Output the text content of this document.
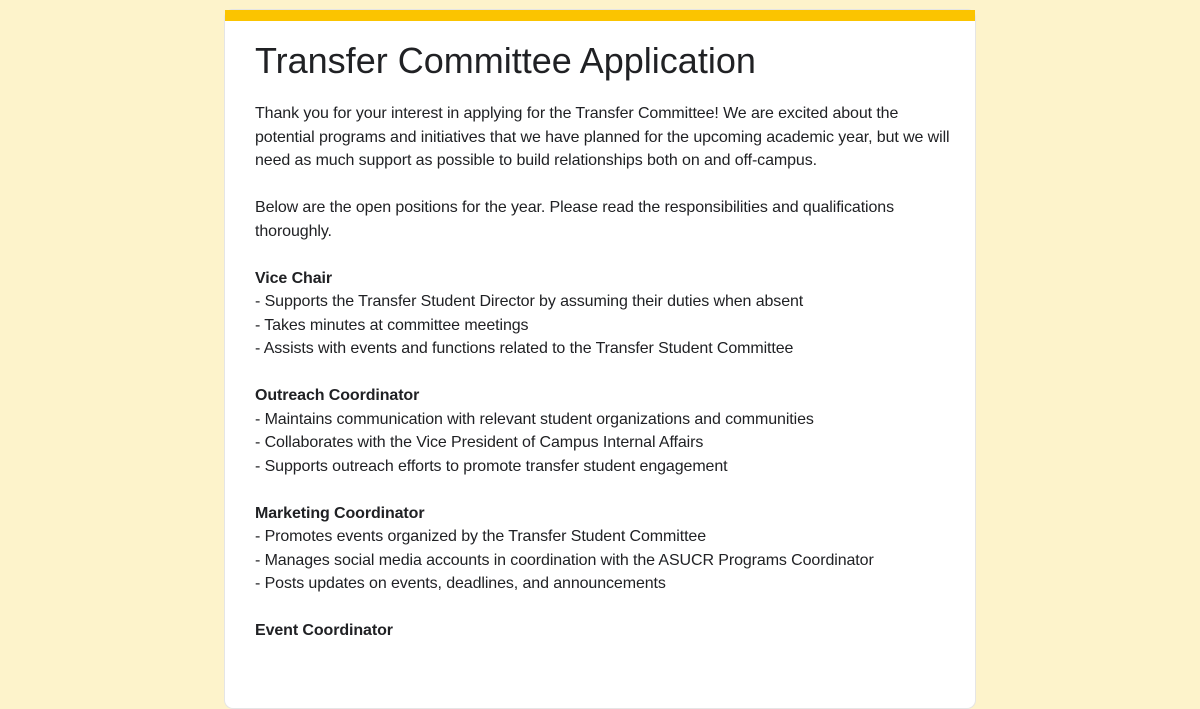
Transfer Committee Application
Thank you for your interest in applying for the Transfer Committee! We are excited about the potential programs and initiatives that we have planned for the upcoming academic year, but we will need as much support as possible to build relationships both on and off-campus.
Below are the open positions for the year. Please read the responsibilities and qualifications thoroughly.
Vice Chair
- Supports the Transfer Student Director by assuming their duties when absent
- Takes minutes at committee meetings
- Assists with events and functions related to the Transfer Student Committee
Outreach Coordinator
- Maintains communication with relevant student organizations and communities
- Collaborates with the Vice President of Campus Internal Affairs
- Supports outreach efforts to promote transfer student engagement
Marketing Coordinator
- Promotes events organized by the Transfer Student Committee
- Manages social media accounts in coordination with the ASUCR Programs Coordinator
- Posts updates on events, deadlines, and announcements
Event Coordinator
